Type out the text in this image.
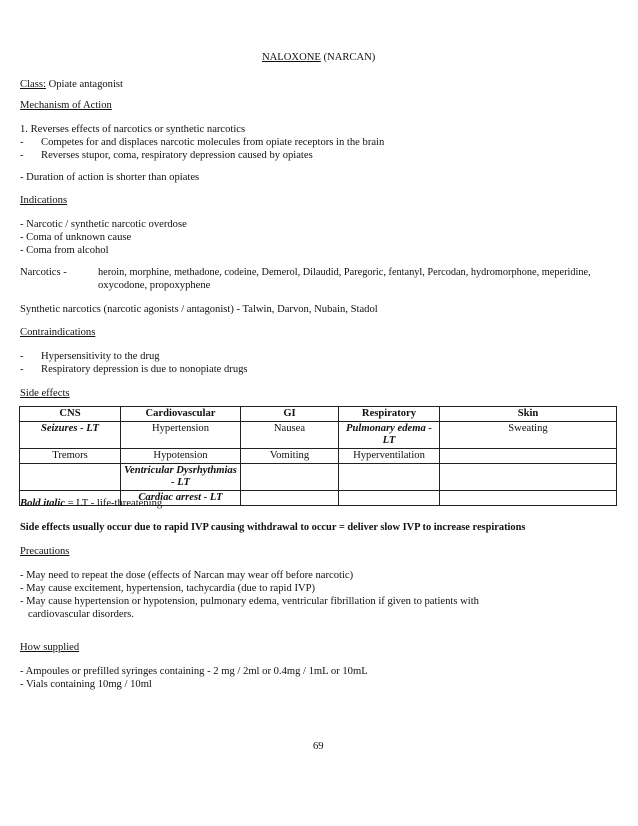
NALOXONE (NARCAN)
Class: Opiate antagonist
Mechanism of Action
1. Reverses effects of narcotics or synthetic narcotics
- Competes for and displaces narcotic molecules from opiate receptors in the brain
- Reverses stupor, coma, respiratory depression caused by opiates
- Duration of action is shorter than opiates
Indications
- Narcotic / synthetic narcotic overdose
- Coma of unknown cause
- Coma from alcohol
Narcotics -	heroin, morphine, methadone, codeine, Demerol, Dilaudid, Paregoric, fentanyl, Percodan, hydromorphone, meperidine,
oxycodone, propoxyphene
Synthetic narcotics (narcotic agonists / antagonist) - Talwin, Darvon, Nubain, Stadol
Contraindications
- Hypersensitivity to the drug
- Respiratory depression is due to nonopiate drugs
Side effects
CNS	Cardiovascular	GI	Respiratory	Skin
Seizures - LT	Hypertension	Nausea	Pulmonary edema - LT	Sweating
Tremors	Hypotension	Vomiting	Hyperventilation	
	Ventricular Dysrhythmias - LT			
	Cardiac arrest - LT			
Bold italic = LT - life-threatening
Side effects usually occur due to rapid IVP causing withdrawal to occur = deliver slow IVP to increase respirations
Precautions
- May need to repeat the dose (effects of Narcan may wear off before narcotic)
- May cause excitement, hypertension, tachycardia (due to rapid IVP)
- May cause hypertension or hypotension, pulmonary edema, ventricular fibrillation if given to patients with
cardiovascular disorders.
How supplied
- Ampoules or prefilled syringes containing - 2 mg / 2ml or 0.4mg / 1mL or 10mL
- Vials containing 10mg / 10ml
69
